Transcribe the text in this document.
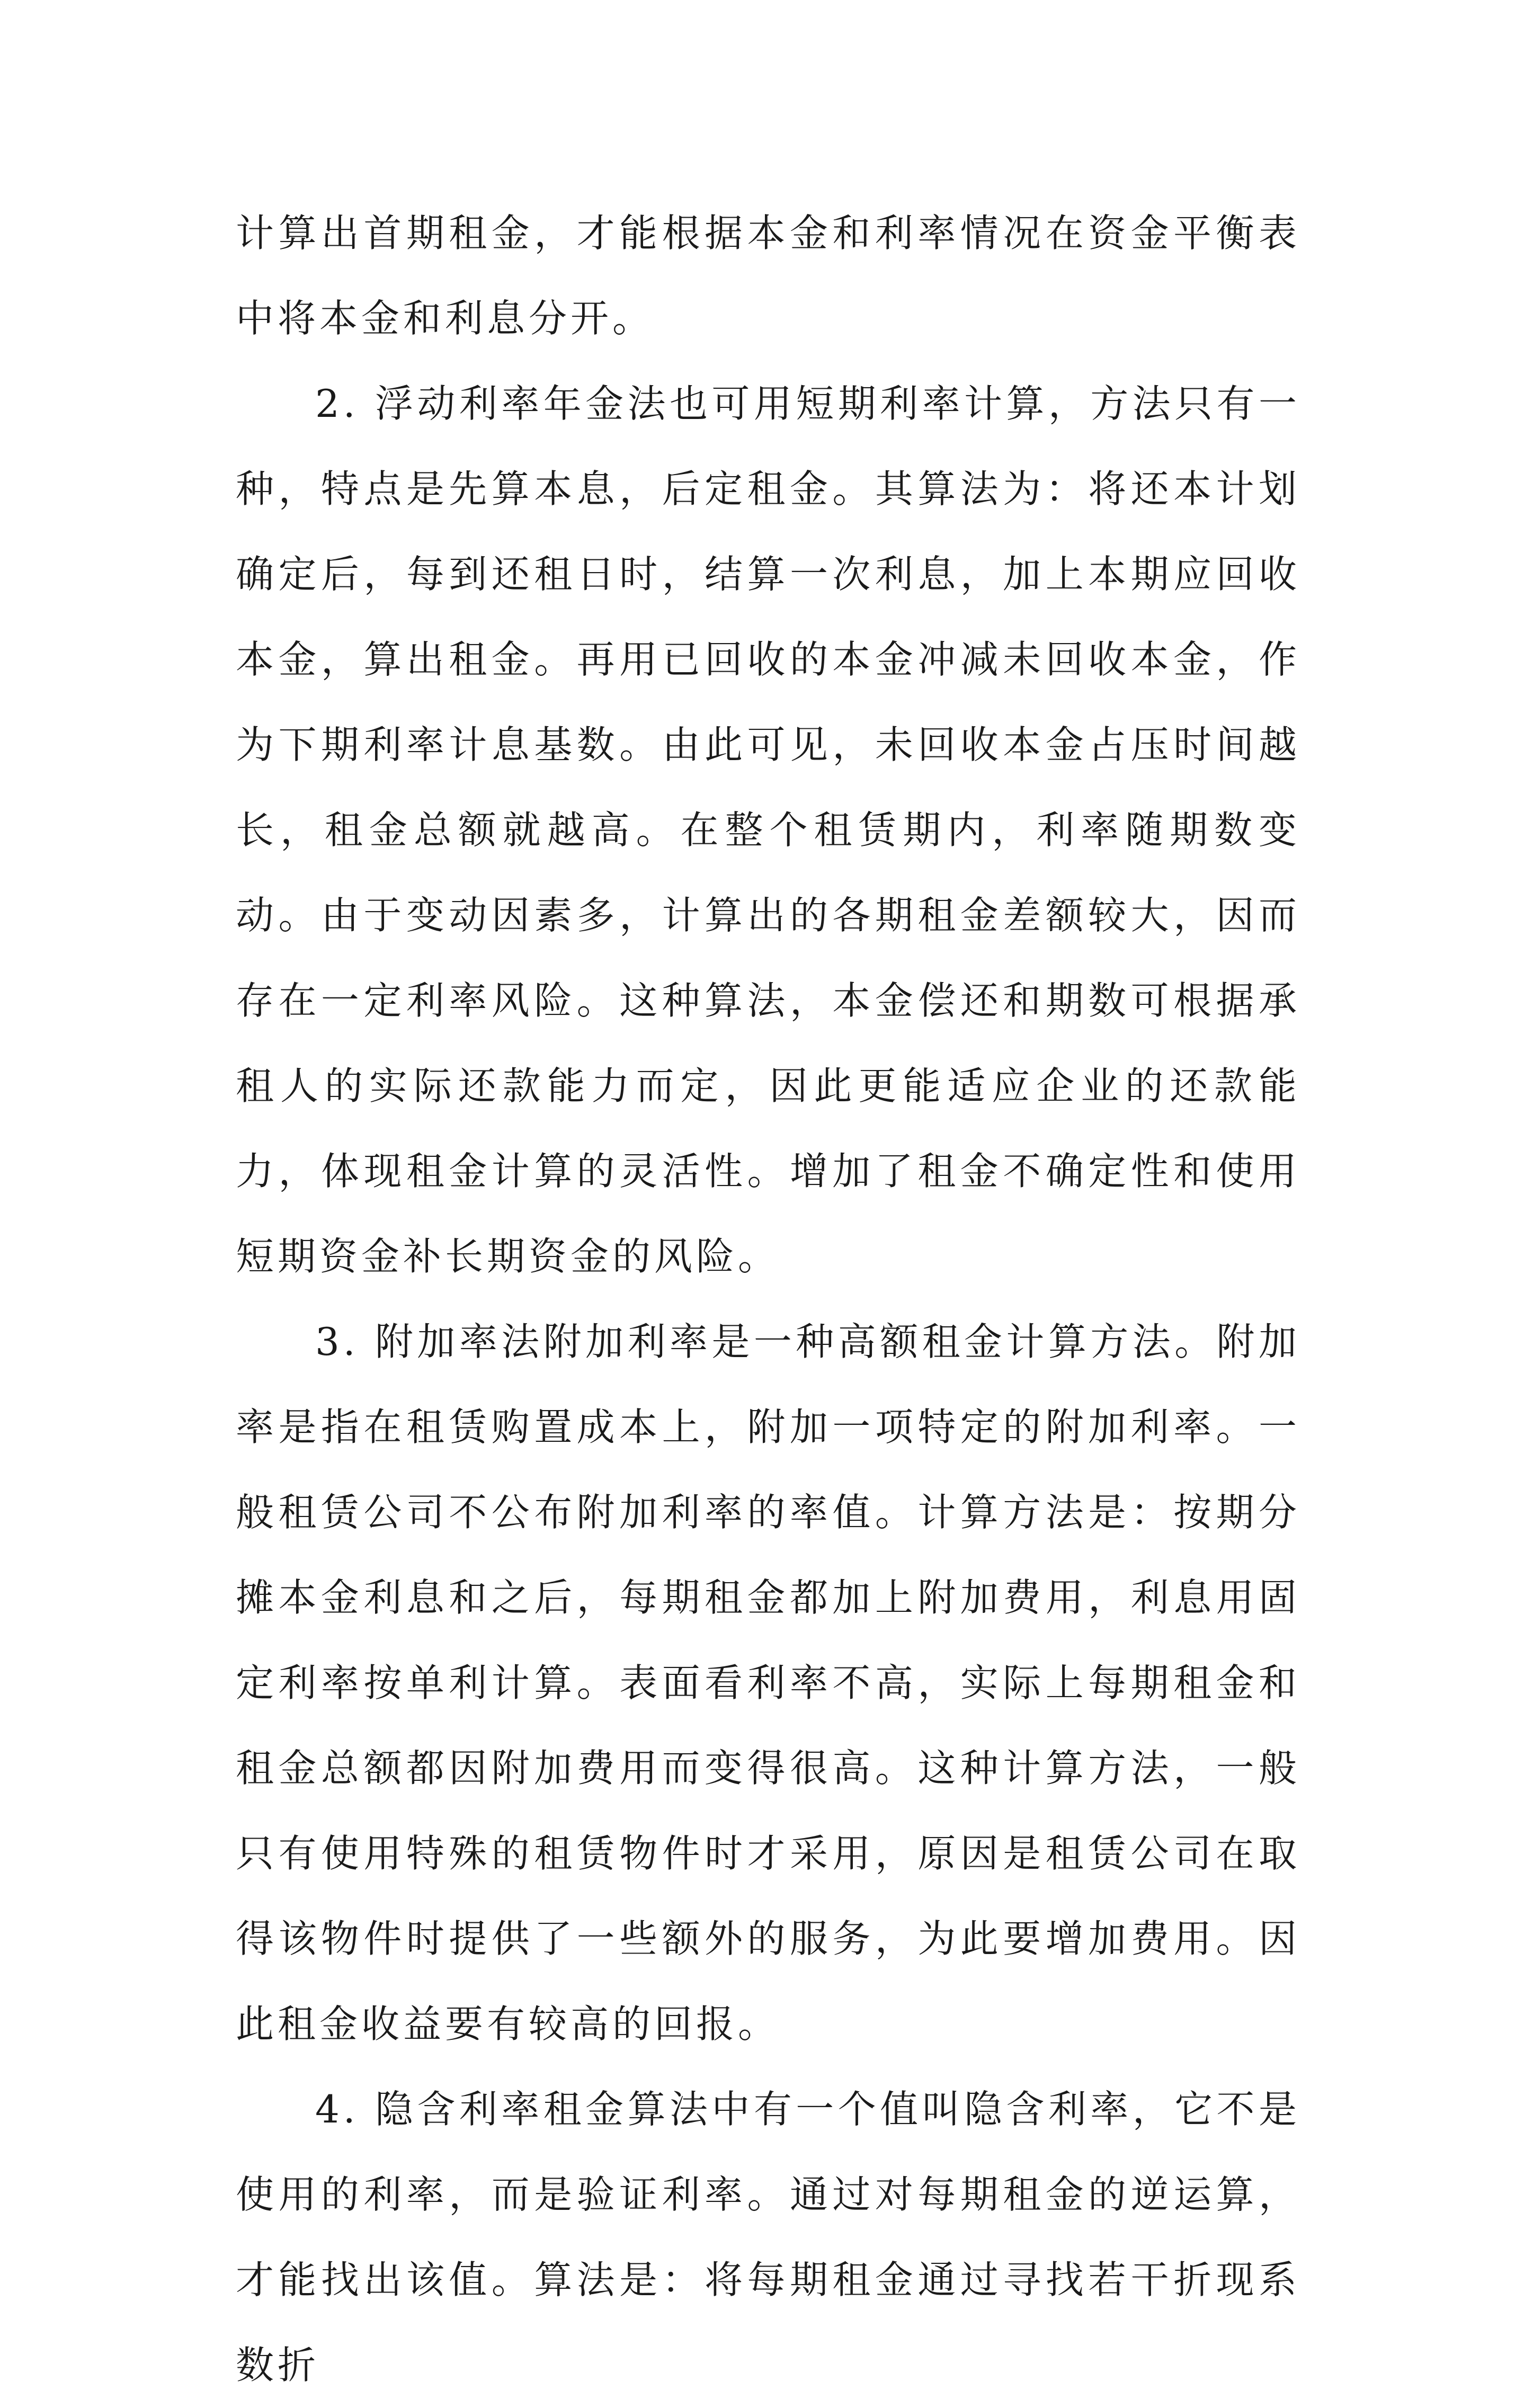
计算出首期租金，才能根据本金和利率情况在资金平衡表中将本金和利息分开。

2. 浮动利率年金法也可用短期利率计算，方法只有一种，特点是先算本息，后定租金。其算法为：将还本计划确定后，每到还租日时，结算一次利息，加上本期应回收本金，算出租金。再用已回收的本金冲减未回收本金，作为下期利率计息基数。由此可见，未回收本金占压时间越长，租金总额就越高。在整个租赁期内，利率随期数变动。由于变动因素多，计算出的各期租金差额较大，因而存在一定利率风险。这种算法，本金偿还和期数可根据承租人的实际还款能力而定，因此更能适应企业的还款能力，体现租金计算的灵活性。增加了租金不确定性和使用短期资金补长期资金的风险。

3. 附加率法附加利率是一种高额租金计算方法。附加率是指在租赁购置成本上，附加一项特定的附加利率。一般租赁公司不公布附加利率的率值。计算方法是：按期分摊本金利息和之后，每期租金都加上附加费用，利息用固定利率按单利计算。表面看利率不高，实际上每期租金和租金总额都因附加费用而变得很高。这种计算方法，一般只有使用特殊的租赁物件时才采用，原因是租赁公司在取得该物件时提供了一些额外的服务，为此要增加费用。因此租金收益要有较高的回报。

4. 隐含利率租金算法中有一个值叫隐含利率，它不是使用的利率，而是验证利率。通过对每期租金的逆运算，才能找出该值。算法是：将每期租金通过寻找若干折现系数折
